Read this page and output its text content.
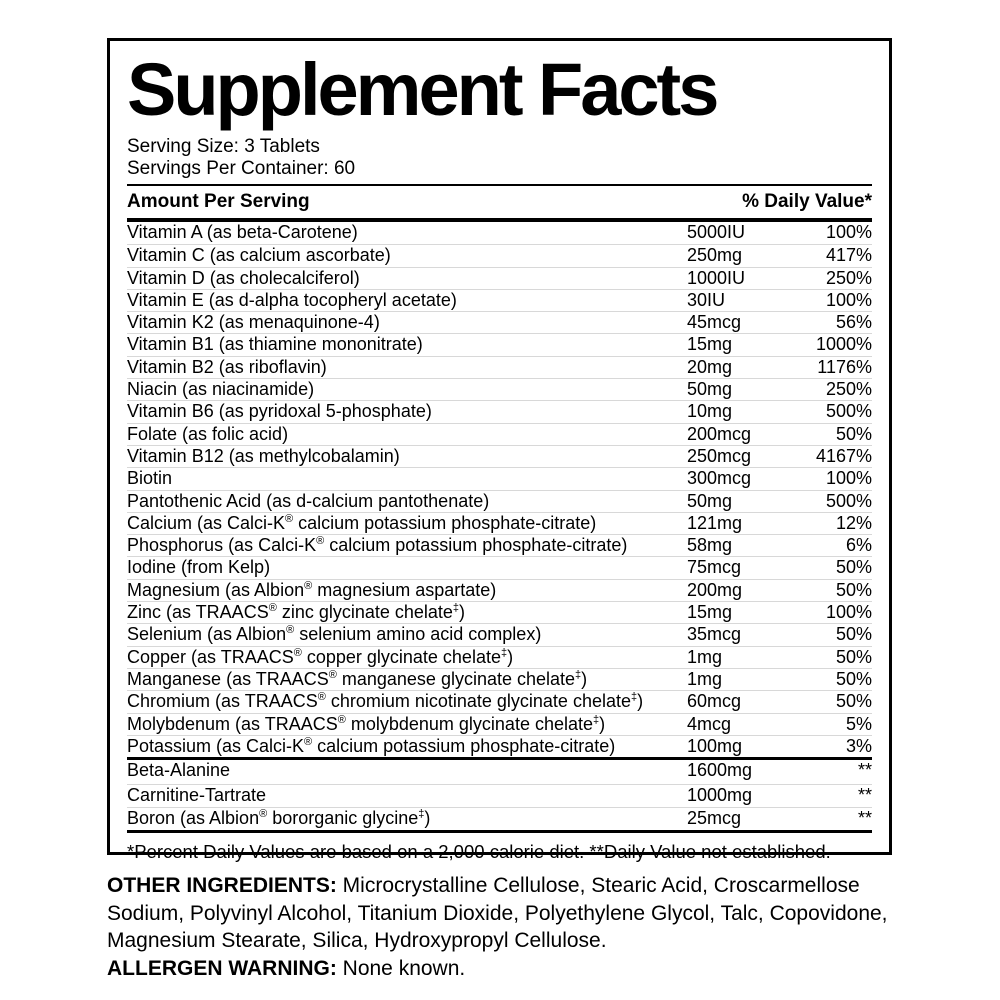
Supplement Facts
Serving Size: 3 Tablets
Servings Per Container: 60
Amount Per Serving	% Daily Value*
Vitamin A (as beta-Carotene)	5000IU	100%
Vitamin C (as calcium ascorbate)	250mg	417%
Vitamin D (as cholecalciferol)	1000IU	250%
Vitamin E (as d-alpha tocopheryl acetate)	30IU	100%
Vitamin K2 (as menaquinone-4)	45mcg	56%
Vitamin B1 (as thiamine mononitrate)	15mg	1000%
Vitamin B2 (as riboflavin)	20mg	1176%
Niacin (as niacinamide)	50mg	250%
Vitamin B6 (as pyridoxal 5-phosphate)	10mg	500%
Folate (as folic acid)	200mcg	50%
Vitamin B12 (as methylcobalamin)	250mcg	4167%
Biotin	300mcg	100%
Pantothenic Acid (as d-calcium pantothenate)	50mg	500%
Calcium (as Calci-K® calcium potassium phosphate-citrate)	121mg	12%
Phosphorus (as Calci-K® calcium potassium phosphate-citrate)	58mg	6%
Iodine (from Kelp)	75mcg	50%
Magnesium (as Albion® magnesium aspartate)	200mg	50%
Zinc (as TRAACS® zinc glycinate chelate‡)	15mg	100%
Selenium (as Albion® selenium amino acid complex)	35mcg	50%
Copper (as TRAACS® copper glycinate chelate‡)	1mg	50%
Manganese (as TRAACS® manganese glycinate chelate‡)	1mg	50%
Chromium (as TRAACS® chromium nicotinate glycinate chelate‡)	60mcg	50%
Molybdenum (as TRAACS® molybdenum glycinate chelate‡)	4mcg	5%
Potassium (as Calci-K® calcium potassium phosphate-citrate)	100mg	3%
Beta-Alanine	1600mg	**
Carnitine-Tartrate	1000mg	**
Boron (as Albion® bororganic glycine‡)	25mcg	**
*Percent Daily Values are based on a 2,000 calorie diet. **Daily Value not established.
OTHER INGREDIENTS: Microcrystalline Cellulose, Stearic Acid, Croscarmellose Sodium, Polyvinyl Alcohol, Titanium Dioxide, Polyethylene Glycol, Talc, Copovidone, Magnesium Stearate, Silica, Hydroxypropyl Cellulose.
ALLERGEN WARNING: None known.
